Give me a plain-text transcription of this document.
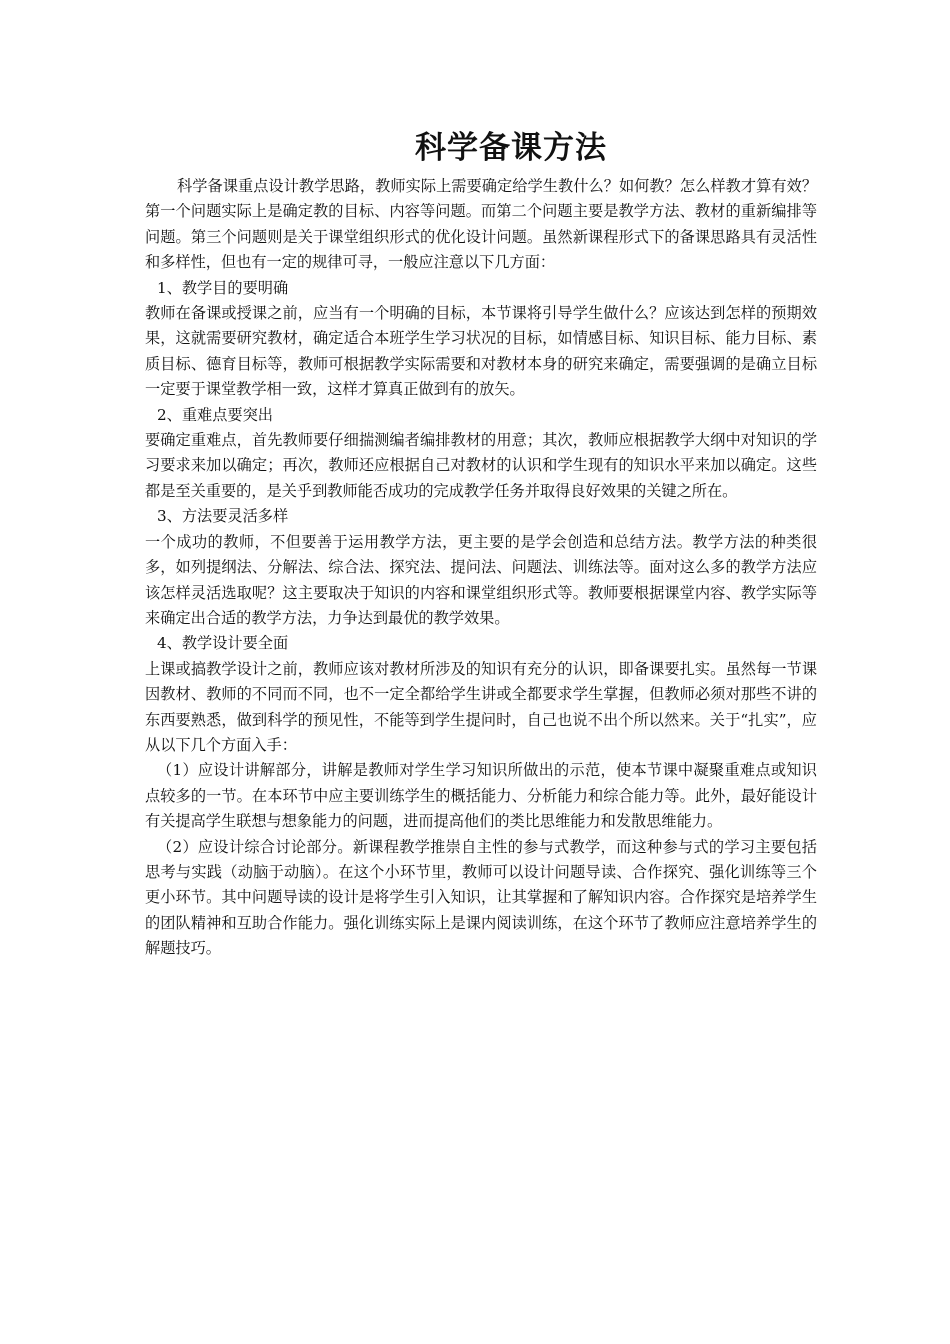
科学备课方法

科学备课重点设计教学思路，教师实际上需要确定给学生教什么？如何教？怎么样教才算有效？第一个问题实际上是确定教的目标、内容等问题。而第二个问题主要是教学方法、教材的重新编排等问题。第三个问题则是关于课堂组织形式的优化设计问题。虽然新课程形式下的备课思路具有灵活性和多样性，但也有一定的规律可寻，一般应注意以下几方面：

1、教学目的要明确

教师在备课或授课之前，应当有一个明确的目标，本节课将引导学生做什么？应该达到怎样的预期效果，这就需要研究教材，确定适合本班学生学习状况的目标，如情感目标、知识目标、能力目标、素质目标、德育目标等，教师可根据教学实际需要和对教材本身的研究来确定，需要强调的是确立目标一定要于课堂教学相一致，这样才算真正做到有的放矢。

2、重难点要突出

要确定重难点，首先教师要仔细揣测编者编排教材的用意；其次，教师应根据教学大纲中对知识的学习要求来加以确定；再次，教师还应根据自己对教材的认识和学生现有的知识水平来加以确定。这些都是至关重要的，是关乎到教师能否成功的完成教学任务并取得良好效果的关键之所在。

3、方法要灵活多样

一个成功的教师，不但要善于运用教学方法，更主要的是学会创造和总结方法。教学方法的种类很多，如列提纲法、分解法、综合法、探究法、提问法、问题法、训练法等。面对这么多的教学方法应该怎样灵活选取呢？这主要取决于知识的内容和课堂组织形式等。教师要根据课堂内容、教学实际等来确定出合适的教学方法，力争达到最优的教学效果。

4、教学设计要全面

上课或搞教学设计之前，教师应该对教材所涉及的知识有充分的认识，即备课要扎实。虽然每一节课因教材、教师的不同而不同，也不一定全都给学生讲或全都要求学生掌握，但教师必须对那些不讲的东西要熟悉，做到科学的预见性，不能等到学生提问时，自己也说不出个所以然来。关于“扎实”，应从以下几个方面入手：

（1）应设计讲解部分，讲解是教师对学生学习知识所做出的示范，使本节课中凝聚重难点或知识点较多的一节。在本环节中应主要训练学生的概括能力、分析能力和综合能力等。此外，最好能设计有关提高学生联想与想象能力的问题，进而提高他们的类比思维能力和发散思维能力。

（2）应设计综合讨论部分。新课程教学推崇自主性的参与式教学，而这种参与式的学习主要包括思考与实践（动脑于动脑）。在这个小环节里，教师可以设计问题导读、合作探究、强化训练等三个更小环节。其中问题导读的设计是将学生引入知识，让其掌握和了解知识内容。合作探究是培养学生的团队精神和互助合作能力。强化训练实际上是课内阅读训练，在这个环节了教师应注意培养学生的解题技巧。
